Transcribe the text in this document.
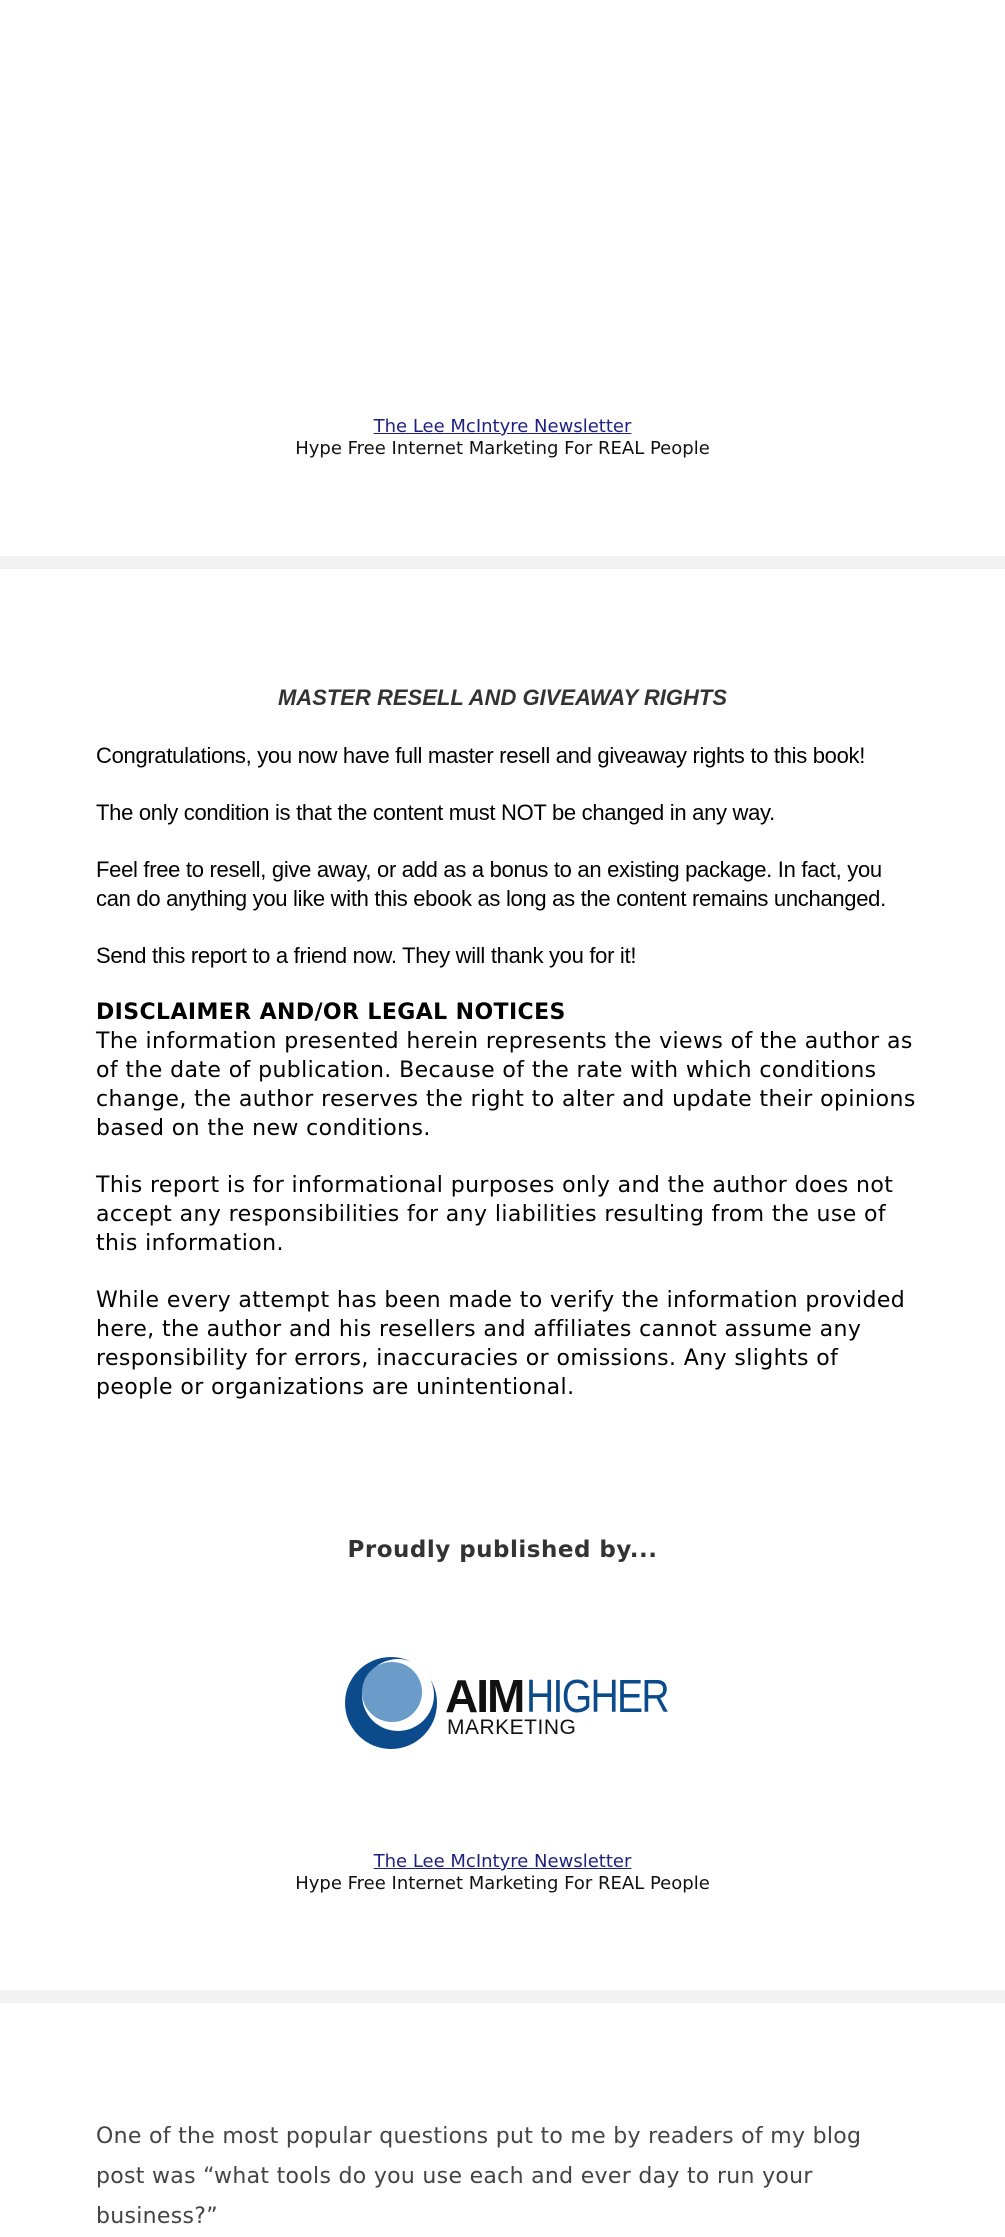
The Lee McIntyre Newsletter
Hype Free Internet Marketing For REAL People
MASTER RESELL AND GIVEAWAY RIGHTS

Congratulations, you now have full master resell and giveaway rights to this book!

The only condition is that the content must NOT be changed in any way.

Feel free to resell, give away, or add as a bonus to an existing package. In fact, you can do anything you like with this ebook as long as the content remains unchanged.

Send this report to a friend now. They will thank you for it!

DISCLAIMER AND/OR LEGAL NOTICES

The information presented herein represents the views of the author as of the date of publication. Because of the rate with which conditions change, the author reserves the right to alter and update their opinions based on the new conditions.

This report is for informational purposes only and the author does not accept any responsibilities for any liabilities resulting from the use of this information.

While every attempt has been made to verify the information provided here, the author and his resellers and affiliates cannot assume any responsibility for errors, inaccuracies or omissions. Any slights of people or organizations are unintentional.

Proudly published by...
AIM HIGHER
MARKETING
The Lee McIntyre Newsletter
Hype Free Internet Marketing For REAL People

One of the most popular questions put to me by readers of my blog post was “what tools do you use each and ever day to run your business?”
